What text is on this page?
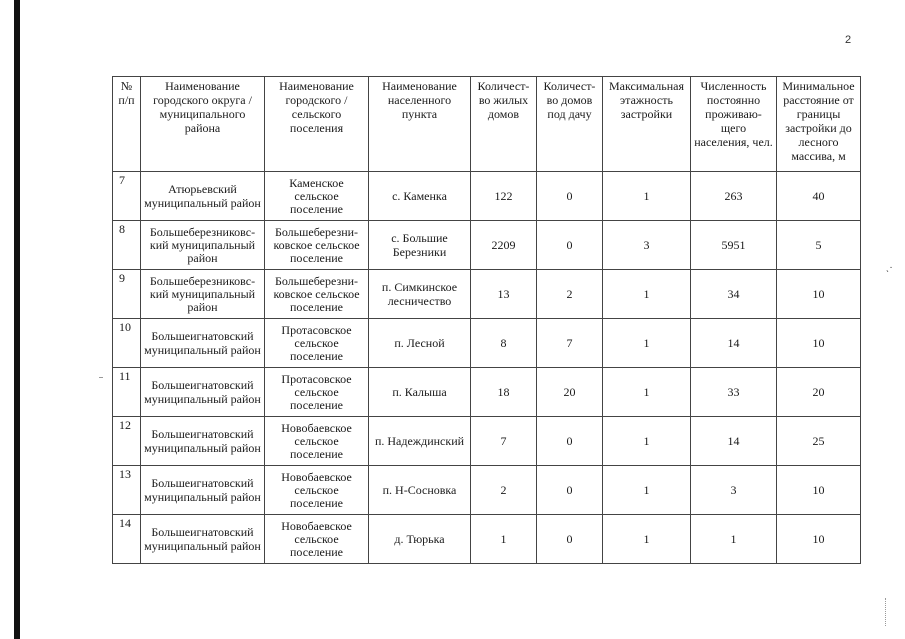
2
ˎ·
№ п/п	Наименование городского округа / муниципального района	Наименование городского / сельского поселения	Наименование населенного пункта	Количест-во жилых домов	Количест-во домов под дачу	Максимальная этажность застройки	Численность постоянно проживаю-щего населения, чел.	Минимальное расстояние от границы застройки до лесного массива, м
7	Атюрьевский муниципальный район	Каменское сельское поселение	с. Каменка	122	0	1	263	40
8	Большеберезниковс-кий муниципальный район	Большеберезни-ковское сельское поселение	с. Большие Березники	2209	0	3	5951	5
9	Большеберезниковс-кий муниципальный район	Большеберезни-ковское сельское поселение	п. Симкинское лесничество	13	2	1	34	10
10	Большеигнатовский муниципальный район	Протасовское сельское поселение	п. Лесной	8	7	1	14	10
11	Большеигнатовский муниципальный район	Протасовское сельское поселение	п. Калыша	18	20	1	33	20
12	Большеигнатовский муниципальный район	Новобаевское сельское поселение	п. Надеждинский	7	0	1	14	25
13	Большеигнатовский муниципальный район	Новобаевское сельское поселение	п. Н-Сосновка	2	0	1	3	10
14	Большеигнатовский муниципальный район	Новобаевское сельское поселение	д. Тюрька	1	0	1	1	10
